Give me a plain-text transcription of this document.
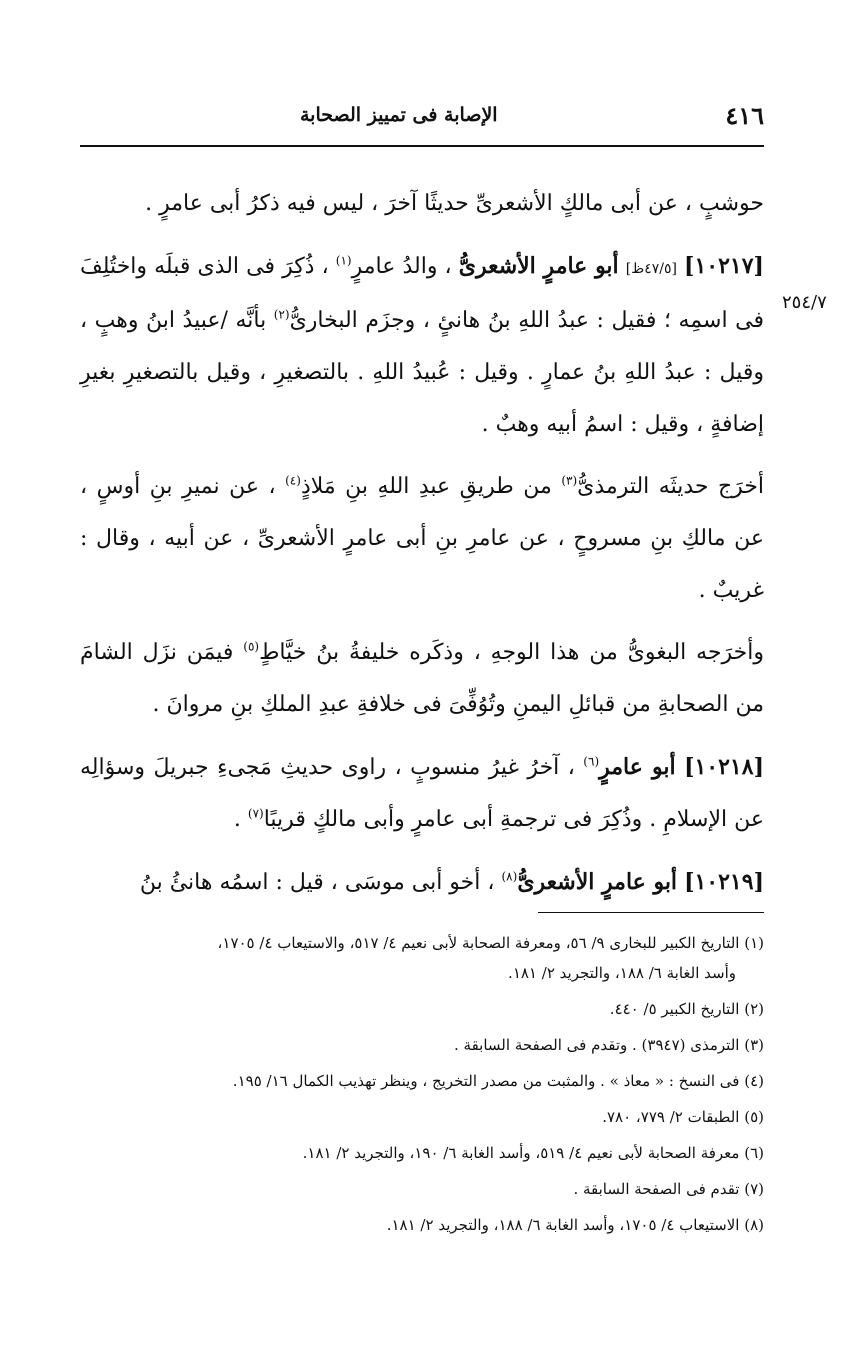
٤١٦
الإصابة فى تمييز الصحابة
٢٥٤/٧

حوشبٍ ، عن أبى مالكٍ الأشعرىِّ حديثًا آخرَ ، ليس فيه ذكرُ أبى عامرٍ .

[١٠٢١٧] [٤٧/٥ظ] أبو عامرٍ الأشعرىُّ ، والدُ عامرٍ$^{(١)}$ ، ذُكِرَ فى الذى قبلَه واختُلِفَ فى اسمِه ؛ فقيل : عبدُ اللهِ بنُ هانئٍ ، وجزَم البخارىُّ$^{(٢)}$ بأنَّه /عبيدُ ابنُ وهبٍ ، وقيل : عبدُ اللهِ بنُ عمارٍ . وقيل : عُبيدُ اللهِ . بالتصغيرِ ، وقيل بالتصغيرِ بغيرِ إضافةٍ ، وقيل : اسمُ أبيه وهبٌ .

أخرَج حديثَه الترمذىُّ$^{(٣)}$ من طريقِ عبدِ اللهِ بنِ مَلاذٍ$^{(٤)}$ ، عن نميرِ بنِ أوسٍ ، عن مالكِ بنِ مسروحٍ ، عن عامرِ بنِ أبى عامرٍ الأشعرىِّ ، عن أبيه ، وقال : غريبٌ .

وأخرَجه البغوىُّ من هذا الوجهِ ، وذكَره خليفةُ بنُ خيَّاطٍ$^{(٥)}$ فيمَن نزَل الشامَ من الصحابةِ من قبائلِ اليمنِ وتُوُفِّىَ فى خلافةِ عبدِ الملكِ بنِ مروانَ .

[١٠٢١٨] أبو عامرٍ$^{(٦)}$ ، آخرُ غيرُ منسوبٍ ، راوى حديثِ مَجىءِ جبريلَ وسؤالِه عن الإسلامِ . وذُكِرَ فى ترجمةِ أبى عامرٍ وأبى مالكٍ قريبًا$^{(٧)}$ .

[١٠٢١٩] أبو عامرٍ الأشعرىُّ$^{(٨)}$ ، أخو أبى موسَى ، قيل : اسمُه هانئُ بنُ

(١) التاريخ الكبير للبخارى ٩/ ٥٦، ومعرفة الصحابة لأبى نعيم ٤/ ٥١٧، والاستيعاب ٤/ ١٧٠٥،
وأسد الغابة ٦/ ١٨٨، والتجريد ٢/ ١٨١.
(٢) التاريخ الكبير ٥/ ٤٤٠.
(٣) الترمذى (٣٩٤٧) . وتقدم فى الصفحة السابقة .
(٤) فى النسخ : « معاذ » . والمثبت من مصدر التخريج ، وينظر تهذيب الكمال ١٦/ ١٩٥.
(٥) الطبقات ٢/ ٧٧٩، ٧٨٠.
(٦) معرفة الصحابة لأبى نعيم ٤/ ٥١٩، وأسد الغابة ٦/ ١٩٠، والتجريد ٢/ ١٨١.
(٧) تقدم فى الصفحة السابقة .
(٨) الاستيعاب ٤/ ١٧٠٥، وأسد الغابة ٦/ ١٨٨، والتجريد ٢/ ١٨١.
